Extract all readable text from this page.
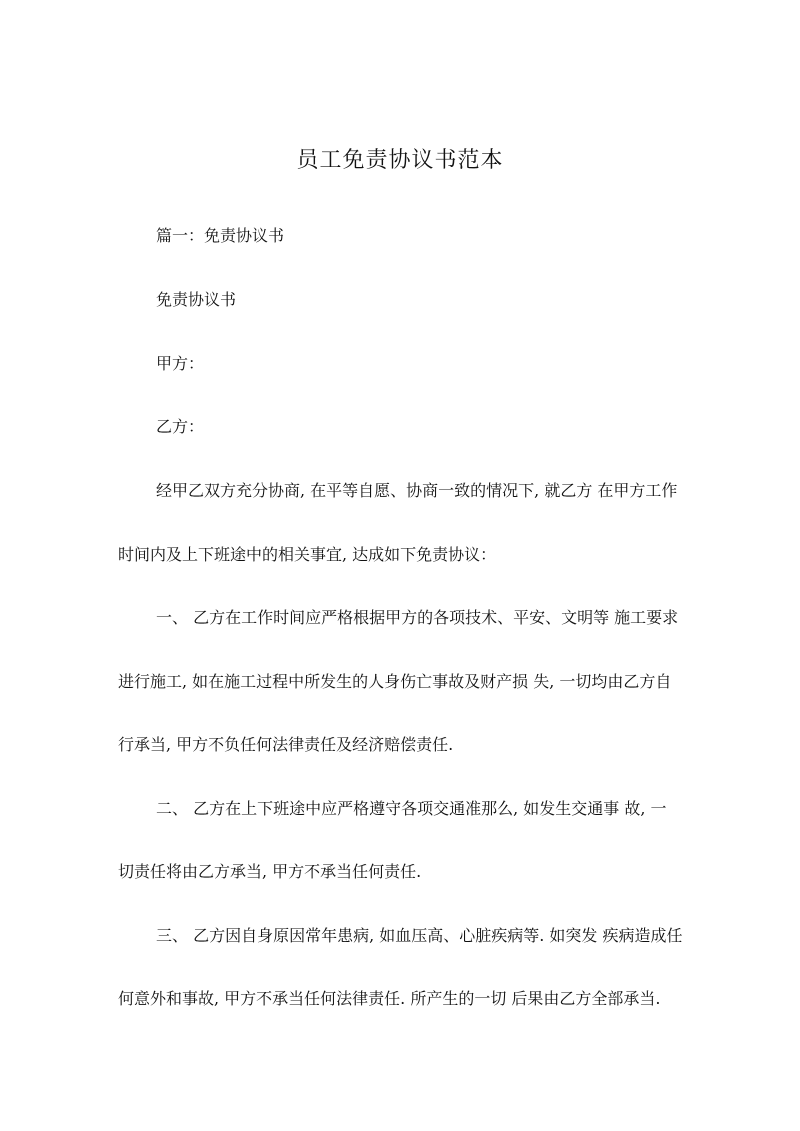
员工免责协议书范本
篇一：免责协议书
免责协议书
甲方：
乙方：
经甲乙双方充分协商, 在平等自愿、协商一致的情况下, 就乙方 在甲方工作
时间内及上下班途中的相关事宜, 达成如下免责协议：
一、 乙方在工作时间应严格根据甲方的各项技术、平安、文明等 施工要求
进行施工, 如在施工过程中所发生的人身伤亡事故及财产损 失, 一切均由乙方自
行承当, 甲方不负任何法律责任及经济赔偿责任.
二、 乙方在上下班途中应严格遵守各项交通准那么, 如发生交通事 故, 一
切责任将由乙方承当, 甲方不承当任何责任.
三、 乙方因自身原因常年患病, 如血压高、心脏疾病等. 如突发 疾病造成任
何意外和事故, 甲方不承当任何法律责任. 所产生的一切 后果由乙方全部承当.
